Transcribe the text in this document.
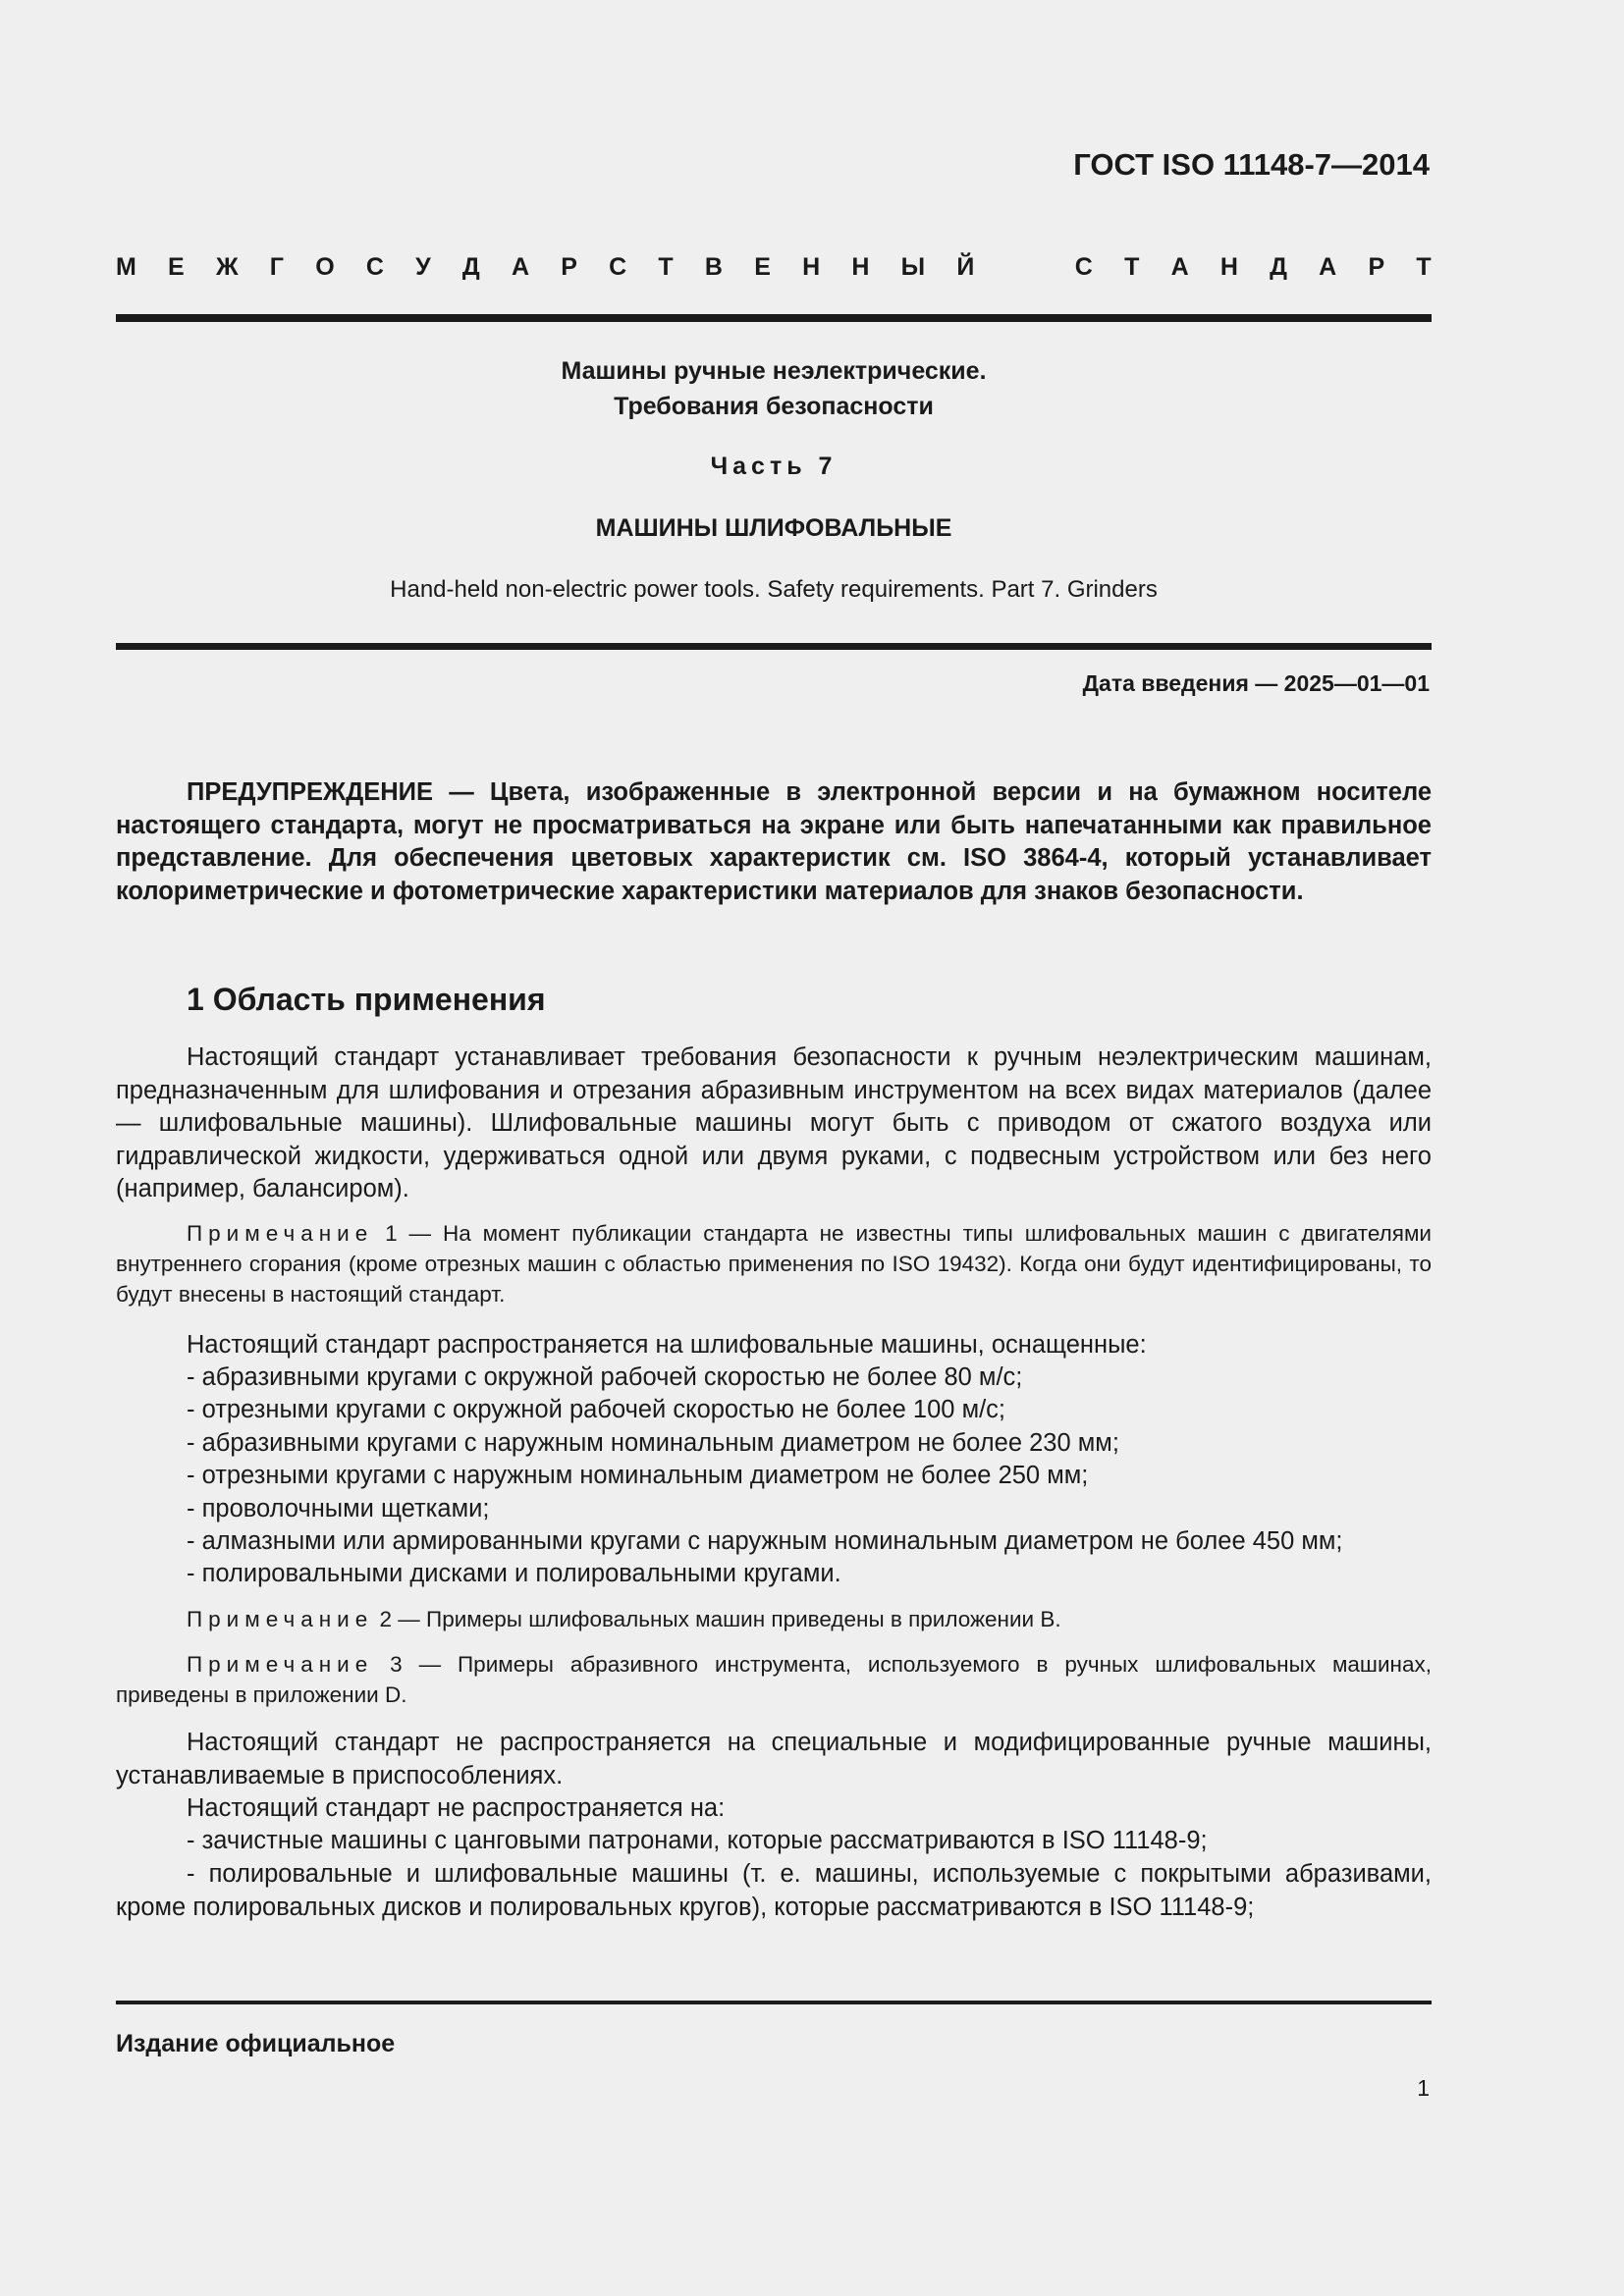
ГОСТ ISO 11148-7—2014
М Е Ж Г О С У Д А Р С Т В Е Н Н Ы Й	С Т А Н Д А Р Т
Машины ручные неэлектрические.
Требования безопасности
Часть 7
МАШИНЫ ШЛИФОВАЛЬНЫЕ
Hand-held non-electric power tools. Safety requirements. Part 7. Grinders
Дата введения — 2025—01—01
ПРЕДУПРЕЖДЕНИЕ — Цвета, изображенные в электронной версии и на бумажном носителе настоящего стандарта, могут не просматриваться на экране или быть напечатанными как правильное представление. Для обеспечения цветовых характеристик см. ISO 3864-4, который устанавливает колориметрические и фотометрические характеристики материалов для знаков безопасности.
1 Область применения
Настоящий стандарт устанавливает требования безопасности к ручным неэлектрическим машинам, предназначенным для шлифования и отрезания абразивным инструментом на всех видах материалов (далее — шлифовальные машины). Шлифовальные машины могут быть с приводом от сжатого воздуха или гидравлической жидкости, удерживаться одной или двумя руками, с подвесным устройством или без него (например, балансиром).
Примечание 1 — На момент публикации стандарта не известны типы шлифовальных машин с двигателями внутреннего сгорания (кроме отрезных машин с областью применения по ISO 19432). Когда они будут идентифицированы, то будут внесены в настоящий стандарт.
Настоящий стандарт распространяется на шлифовальные машины, оснащенные:
- абразивными кругами с окружной рабочей скоростью не более 80 м/с;
- отрезными кругами с окружной рабочей скоростью не более 100 м/с;
- абразивными кругами с наружным номинальным диаметром не более 230 мм;
- отрезными кругами с наружным номинальным диаметром не более 250 мм;
- проволочными щетками;
- алмазными или армированными кругами с наружным номинальным диаметром не более 450 мм;
- полировальными дисками и полировальными кругами.
Примечание 2 — Примеры шлифовальных машин приведены в приложении В.
Примечание 3 — Примеры абразивного инструмента, используемого в ручных шлифовальных машинах, приведены в приложении D.
Настоящий стандарт не распространяется на специальные и модифицированные ручные машины, устанавливаемые в приспособлениях.
Настоящий стандарт не распространяется на:
- зачистные машины с цанговыми патронами, которые рассматриваются в ISO 11148-9;
- полировальные и шлифовальные машины (т. е. машины, используемые с покрытыми абразивами, кроме полировальных дисков и полировальных кругов), которые рассматриваются в ISO 11148-9;
Издание официальное
1
